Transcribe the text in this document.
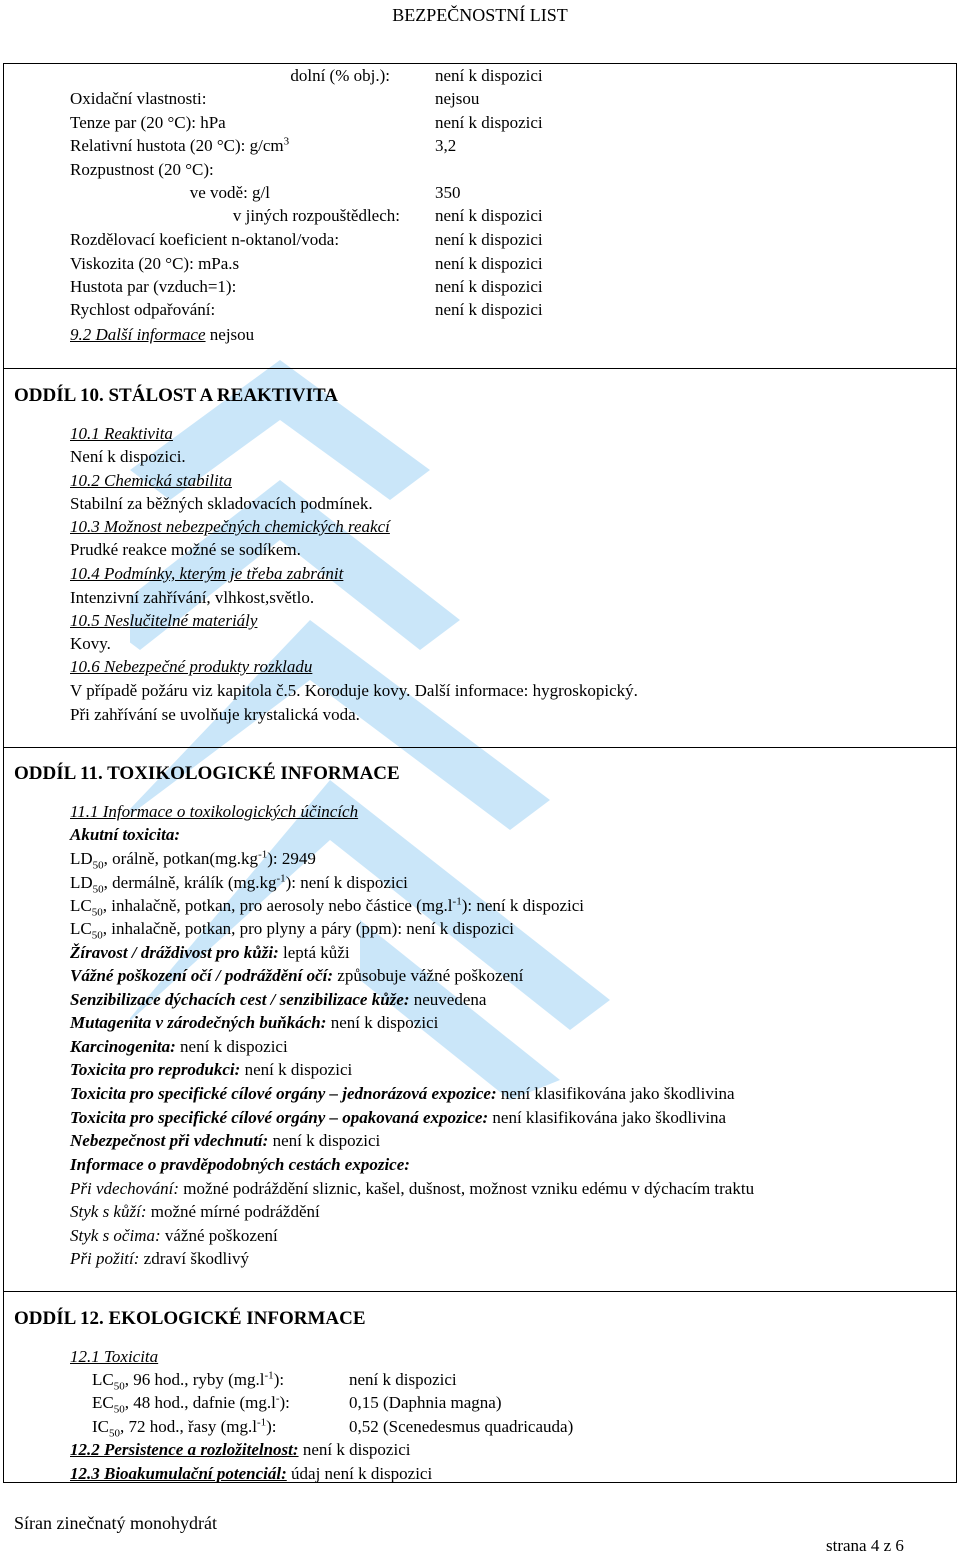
BEZPEČNOSTNÍ LIST
dolní (% obj.):	není k dispozici
Oxidační vlastnosti:	nejsou
Tenze par (20 °C): hPa	není k dispozici
Relativní hustota (20 °C): $g/cm^3$	3,2
Rozpustnost (20 °C):
ve vodě: g/l	350
v jiných rozpouštědlech: není k dispozici
Rozdělovací koeficient n-oktanol/voda:	není k dispozici
Viskozita (20 °C): mPa.s	není k dispozici
Hustota par (vzduch=1):	není k dispozici
Rychlost odpařování:	není k dispozici
9.2 Další informace nejsou
ODDÍL 10. STÁLOST A REAKTIVITA
10.1 Reaktivita
Není k dispozici.
10.2 Chemická stabilita
Stabilní za běžných skladovacích podmínek.
10.3 Možnost nebezpečných chemických reakcí
Prudké reakce možné se sodíkem.
10.4 Podmínky, kterým je třeba zabránit
Intenzivní zahřívání, vlhkost,světlo.
10.5 Neslučitelné materiály
Kovy.
10.6 Nebezpečné produkty rozkladu
V případě požáru viz kapitola č.5. Koroduje kovy. Další informace: hygroskopický.
Při zahřívání se uvolňuje krystalická voda.
ODDÍL 11. TOXIKOLOGICKÉ INFORMACE
11.1 Informace o toxikologických účincích
Akutní toxicita:
$LD_{50}$, orálně, $potkan(mg.kg^{-1})$: 2949
$LD_{50}$, dermálně, králík $(mg.kg^{-1})$: není k dispozici
$LC_{50}$, inhalačně, potkan, pro aerosoly nebo částice $(mg.l^{-1})$: není k dispozici
$LC_{50}$, inhalačně, potkan, pro plyny a páry (ppm): není k dispozici
Žíravost / dráždivost pro kůži: leptá kůži
Vážné poškození očí / podráždění očí: způsobuje vážné poškození
Senzibilizace dýchacích cest / senzibilizace kůže: neuvedena
Mutagenita v zárodečných buňkách: není k dispozici
Karcinogenita: není k dispozici
Toxicita pro reprodukci: není k dispozici
Toxicita pro specifické cílové orgány – jednorázová expozice: není klasifikována jako škodlivina
Toxicita pro specifické cílové orgány – opakovaná expozice: není klasifikována jako škodlivina
Nebezpečnost při vdechnutí: není k dispozici
Informace o pravděpodobných cestách expozice:
Při vdechování: možné podráždění sliznic, kašel, dušnost, možnost vzniku edému v dýchacím traktu
Styk s kůží: možné mírné podráždění
Styk s očima: vážné poškození
Při požití: zdraví škodlivý
ODDÍL 12. EKOLOGICKÉ INFORMACE
12.1 Toxicita
$LC_{50}$, 96 hod., ryby $(mg.l^{-1})$:	není k dispozici
$EC_{50}$, 48 hod., dafnie (mg.l-):	0,15 (Daphnia magna)
$IC_{50}$, 72 hod., řasy $(mg.l^{-1})$:	0,52 (Scenedesmus quadricauda)
12.2 Persistence a rozložitelnost: není k dispozici
12.3 Bioakumulační potenciál: údaj není k dispozici
Síran zinečnatý monohydrát
strana 4 z 6
